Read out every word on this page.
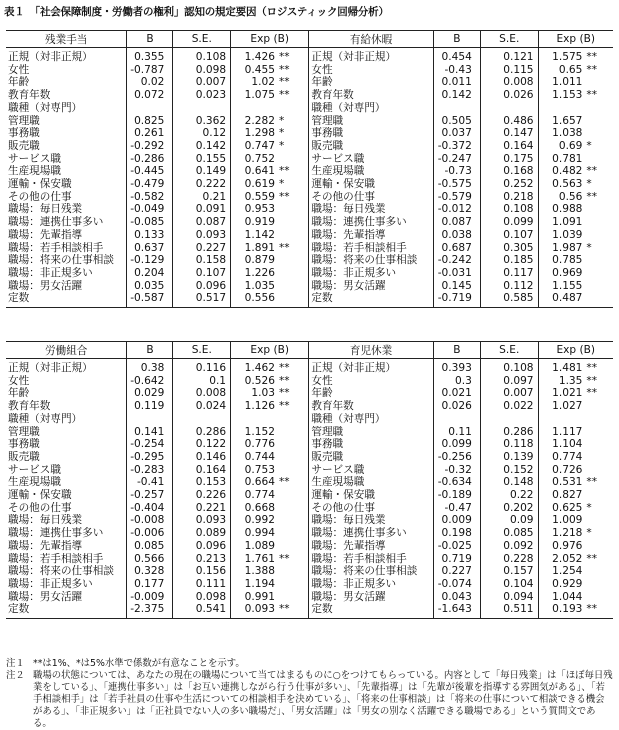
表１　「社会保障制度・労働者の権利」認知の規定要因（ロジスティック回帰分析）
残業手当	B		S.E.	Exp (B)		有給休暇	B		S.E.	Exp (B)	
正規（対非正規）	0.355		0.108	1.426	**	正規（対非正規）	0.454		0.121	1.575	**
女性	-0.787		0.098	0.455	**	女性	-0.43		0.115	0.65	**
年齢	0.02		0.007	1.02	**	年齢	0.011		0.008	1.011	
教育年数	0.072		0.023	1.075	**	教育年数	0.142		0.026	1.153	**
職種（対専門）						職種（対専門）					
管理職	0.825		0.362	2.282	*	管理職	0.505		0.486	1.657	
事務職	0.261		0.12	1.298	*	事務職	0.037		0.147	1.038	
販売職	-0.292		0.142	0.747	*	販売職	-0.372		0.164	0.69	*
サービス職	-0.286		0.155	0.752		サービス職	-0.247		0.175	0.781	
生産現場職	-0.445		0.149	0.641	**	生産現場職	-0.73		0.168	0.482	**
運輸・保安職	-0.479		0.222	0.619	*	運輸・保安職	-0.575		0.252	0.563	*
その他の仕事	-0.582		0.21	0.559	**	その他の仕事	-0.579		0.218	0.56	**
職場：毎日残業	-0.049		0.091	0.953		職場：毎日残業	-0.012		0.108	0.988	
職場：連携仕事多い	-0.085		0.087	0.919		職場：連携仕事多い	0.087		0.099	1.091	
職場：先輩指導	0.133		0.093	1.142		職場：先輩指導	0.038		0.107	1.039	
職場：若手相談相手	0.637		0.227	1.891	**	職場：若手相談相手	0.687		0.305	1.987	*
職場：将来の仕事相談	-0.129		0.158	0.879		職場：将来の仕事相談	-0.242		0.185	0.785	
職場：非正規多い	0.204		0.107	1.226		職場：非正規多い	-0.031		0.117	0.969	
職場：男女活躍	0.035		0.096	1.035		職場：男女活躍	0.145		0.112	1.155	
定数	-0.587		0.517	0.556		定数	-0.719		0.585	0.487	
労働組合	B		S.E.	Exp (B)		育児休業	B		S.E.	Exp (B)	
正規（対非正規）	0.38		0.116	1.462	**	正規（対非正規）	0.393		0.108	1.481	**
女性	-0.642		0.1	0.526	**	女性	0.3		0.097	1.35	**
年齢	0.029		0.008	1.03	**	年齢	0.021		0.007	1.021	**
教育年数	0.119		0.024	1.126	**	教育年数	0.026		0.022	1.027	
職種（対専門）						職種（対専門）					
管理職	0.141		0.286	1.152		管理職	0.11		0.286	1.117	
事務職	-0.254		0.122	0.776		事務職	0.099		0.118	1.104	
販売職	-0.295		0.146	0.744		販売職	-0.256		0.139	0.774	
サービス職	-0.283		0.164	0.753		サービス職	-0.32		0.152	0.726	
生産現場職	-0.41		0.153	0.664	**	生産現場職	-0.634		0.148	0.531	**
運輸・保安職	-0.257		0.226	0.774		運輸・保安職	-0.189		0.22	0.827	
その他の仕事	-0.404		0.221	0.668		その他の仕事	-0.47		0.202	0.625	*
職場：毎日残業	-0.008		0.093	0.992		職場：毎日残業	0.009		0.09	1.009	
職場：連携仕事多い	-0.006		0.089	0.994		職場：連携仕事多い	0.198		0.085	1.218	*
職場：先輩指導	0.085		0.096	1.089		職場：先輩指導	-0.025		0.092	0.976	
職場：若手相談相手	0.566		0.213	1.761	**	職場：若手相談相手	0.719		0.228	2.052	**
職場：将来の仕事相談	0.328		0.156	1.388		職場：将来の仕事相談	0.227		0.157	1.254	
職場：非正規多い	0.177		0.111	1.194		職場：非正規多い	-0.074		0.104	0.929	
職場：男女活躍	-0.009		0.098	0.991		職場：男女活躍	0.043		0.094	1.044	
定数	-2.375		0.541	0.093	**	定数	-1.643		0.511	0.193	**
注１ **は1%、*は5%水準で係数が有意なことを示す。
注２ 職場の状態については、あなたの現在の職場について当てはまるものに○をつけてもらっている。内容として「毎日残業」は「ほぼ毎日残業をしている」、「連携仕事多い」は「お互い連携しながら行う仕事が多い」、「先輩指導」は「先輩が後輩を指導する雰囲気がある」、「若手相談相手」は「若手社員の仕事や生活についての相談相手を決めている」、「将来の仕事相談」は「将来の仕事について相談できる機会がある」、「非正規多い」は「正社員でない人の多い職場だ」、「男女活躍」は「男女の別なく活躍できる職場である」という質問文である。
